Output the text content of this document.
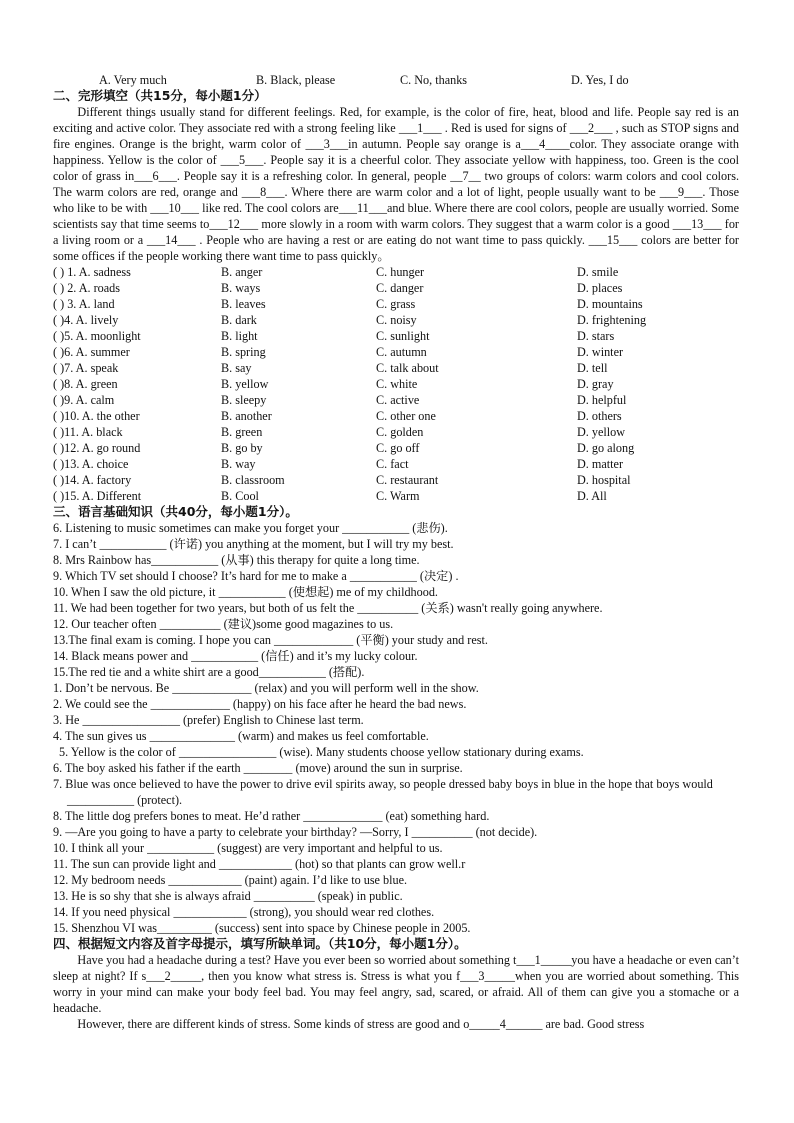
A. Very much	B. Black, please	C. No, thanks	D. Yes, I do
二、完形填空（共15分，每小题1分）

Different things usually stand for different feelings. Red, for example, is the color of fire, heat, blood and life. People say red is an exciting and active color. They associate red with a strong feeling like ___1___ . Red is used for signs of ___2___ , such as STOP signs and fire engines. Orange is the bright, warm color of ___3___in autumn. People say orange is a___4____color. They associate orange with happiness. Yellow is the color of ___5___. People say it is a cheerful color. They associate yellow with happiness, too. Green is the cool color of grass in___6___. People say it is a refreshing color. In general, people __7__ two groups of colors: warm colors and cool colors. The warm colors are red, orange and ___8___. Where there are warm color and a lot of light, people usually want to be ___9___. Those who like to be with ___10___ like red. The cool colors are___11___and blue. Where there are cool colors, people are usually worried. Some scientists say that time seems to___12___ more slowly in a room with warm colors. They suggest that a warm color is a good ___13___ for a living room or a ___14___ . People who are having a rest or are eating do not want time to pass quickly. ___15___ colors are better for some offices if the people working there want time to pass quickly。

( ) 1. A. sadness	B. anger	C. hunger	D. smile
( ) 2. A. roads	B. ways	C. danger	D. places
( ) 3. A. land	B. leaves	C. grass	D. mountains
( )4. A. lively	B. dark	C. noisy	D. frightening
( )5. A. moonlight	B. light	C. sunlight	D. stars
( )6. A. summer	B. spring	C. autumn	D. winter
( )7. A. speak	B. say	C. talk about	D. tell
( )8. A. green	B. yellow	C. white	D. gray
( )9. A. calm	B. sleepy	C. active	D. helpful
( )10. A. the other	B. another	C. other one	D. others
( )11. A. black	B. green	C. golden	D. yellow
( )12. A. go round	B. go by	C. go off	D. go along
( )13. A. choice	B. way	C. fact	D. matter
( )14. A. factory	B. classroom	C. restaurant	D. hospital
( )15. A. Different	B. Cool	C. Warm	D. All
三、语言基础知识（共40分，每小题1分）。
6. Listening to music sometimes can make you forget your ___________ (悲伤).
7. I can’t ___________ (许诺) you anything at the moment, but I will try my best.
8. Mrs Rainbow has___________ (从事) this therapy for quite a long time.
9. Which TV set should I choose? It’s hard for me to make a ___________ (决定) .
10. When I saw the old picture, it ___________ (使想起) me of my childhood.
11. We had been together for two years, but both of us felt the __________ (关系) wasn't really going anywhere.
12. Our teacher often __________ (建议)some good magazines to us.
13.The final exam is coming. I hope you can _____________ (平衡) your study and rest.
14. Black means power and ___________ (信任) and it’s my lucky colour.
15.The red tie and a white shirt are a good___________ (搭配).
1. Don’t be nervous. Be _____________ (relax) and you will perform well in the show.
2. We could see the _____________ (happy) on his face after he heard the bad news.
3. He ________________ (prefer) English to Chinese last term.
4. The sun gives us ______________ (warm) and makes us feel comfortable.
5. Yellow is the color of ________________ (wise). Many students choose yellow stationary during exams.
6. The boy asked his father if the earth ________ (move) around the sun in surprise.
7. Blue was once believed to have the power to drive evil spirits away, so people dressed baby boys in blue in the hope that boys would ___________ (protect).
8. The little dog prefers bones to meat. He’d rather _____________ (eat) something hard.
9. —Are you going to have a party to celebrate your birthday? —Sorry, I __________ (not decide).
10. I think all your ___________ (suggest) are very important and helpful to us.
11. The sun can provide light and ____________ (hot) so that plants can grow well.r
12. My bedroom needs ____________ (paint) again. I’d like to use blue.
13. He is so shy that she is always afraid __________ (speak) in public.
14. If you need physical ____________ (strong), you should wear red clothes.
15. Shenzhou VI was_________ (success) sent into space by Chinese people in 2005.
四、根据短文内容及首字母提示，填写所缺单词。（共10分，每小题1分）。

Have you had a headache during a test? Have you ever been so worried about something t___1_____you have a headache or even can’t sleep at night? If s___2_____, then you know what stress is. Stress is what you f___3_____when you are worried about something. This worry in your mind can make your body feel bad. You may feel angry, sad, scared, or afraid. All of them can give you a stomache or a headache.

However, there are different kinds of stress. Some kinds of stress are good and o_____4______ are bad. Good stress
